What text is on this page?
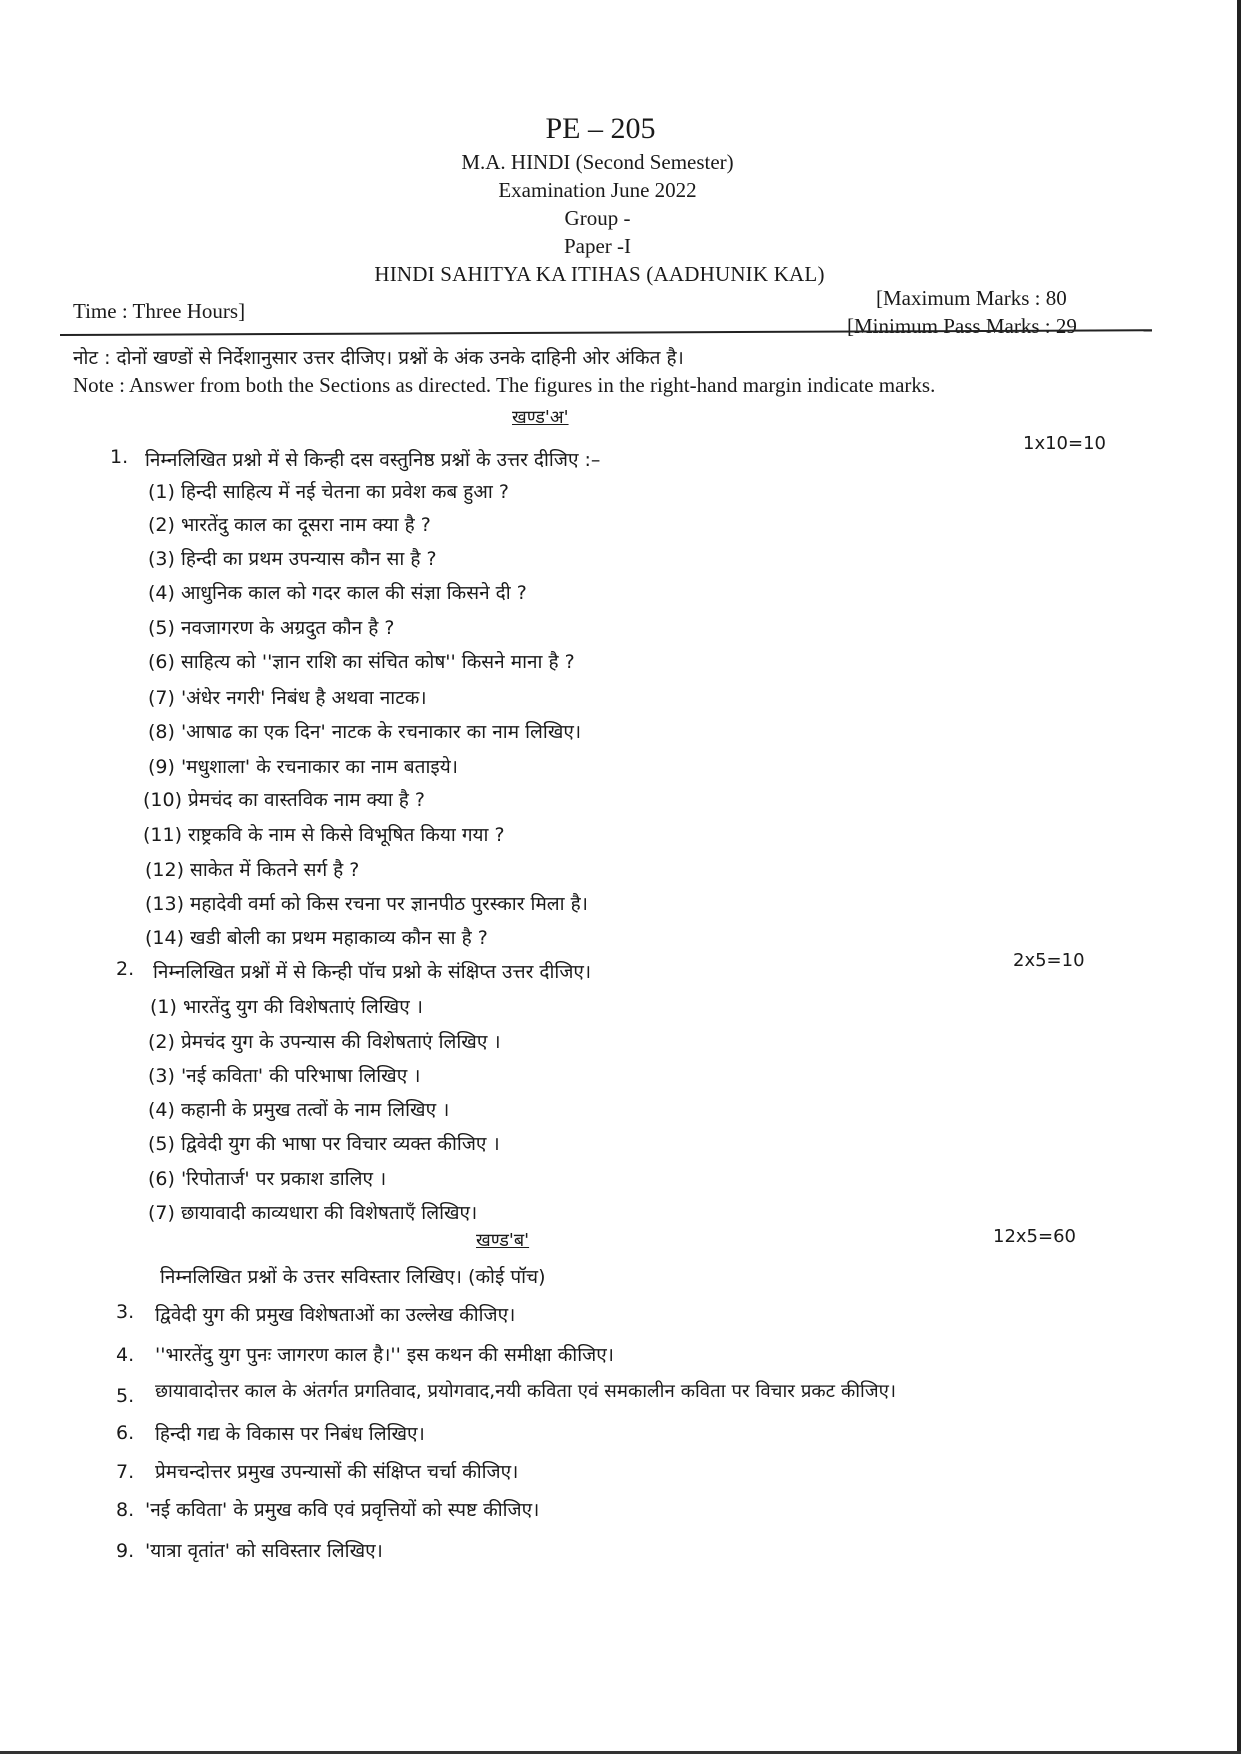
PE – 205
M.A. HINDI (Second Semester)
Examination June 2022
Group -
Paper -I
HINDI SAHITYA KA ITIHAS (AADHUNIK KAL)
Time : Three Hours]
[Maximum Marks : 80
[Minimum Pass Marks : 29
नोट : दोनों खण्डों से निर्देशानुसार उत्तर दीजिए। प्रश्नों के अंक उनके दाहिनी ओर अंकित है।
Note : Answer from both the Sections as directed. The figures in the right-hand margin indicate marks.
खण्ड'अ'
1. निम्नलिखित प्रश्नो में से किन्ही दस वस्तुनिष्ठ प्रश्नों के उत्तर दीजिए :–
1x10=10
(1) हिन्दी साहित्य में नई चेतना का प्रवेश कब हुआ ?
(2) भारतेंदु काल का दूसरा नाम क्या है ?
(3) हिन्दी का प्रथम उपन्यास कौन सा है ?
(4) आधुनिक काल को गदर काल की संज्ञा किसने दी ?
(5) नवजागरण के अग्रदुत कौन है ?
(6) साहित्य को ''ज्ञान राशि का संचित कोष'' किसने माना है ?
(7) 'अंधेर नगरी' निबंध है अथवा नाटक।
(8) 'आषाढ का एक दिन' नाटक के रचनाकार का नाम लिखिए।
(9) 'मधुशाला' के रचनाकार का नाम बताइये।
(10) प्रेमचंद का वास्तविक नाम क्या है ?
(11) राष्ट्रकवि के नाम से किसे विभूषित किया गया ?
(12) साकेत में कितने सर्ग है ?
(13) महादेवी वर्मा को किस रचना पर ज्ञानपीठ पुरस्कार मिला है।
(14) खडी बोली का प्रथम महाकाव्य कौन सा है ?
2. निम्नलिखित प्रश्नों में से किन्ही पॉच प्रश्नो के संक्षिप्त उत्तर दीजिए।
2x5=10
(1) भारतेंदु युग की विशेषताएं लिखिए ।
(2) प्रेमचंद युग के उपन्यास की विशेषताएं लिखिए ।
(3) 'नई कविता' की परिभाषा लिखिए ।
(4) कहानी के प्रमुख तत्वों के नाम लिखिए ।
(5) द्विवेदी युग की भाषा पर विचार व्यक्त कीजिए ।
(6) 'रिपोतार्ज' पर प्रकाश डालिए ।
(7) छायावादी काव्यधारा की विशेषताएँ लिखिए।
खण्ड'ब'	12x5=60
निम्नलिखित प्रश्नों के उत्तर सविस्तार लिखिए। (कोई पॉच)
3. द्विवेदी युग की प्रमुख विशेषताओं का उल्लेख कीजिए।
4. ''भारतेंदु युग पुनः जागरण काल है।'' इस कथन की समीक्षा कीजिए।
5. छायावादोत्तर काल के अंतर्गत प्रगतिवाद, प्रयोगवाद,नयी कविता एवं समकालीन कविता पर विचार प्रकट कीजिए।
6. हिन्दी गद्य के विकास पर निबंध लिखिए।
7. प्रेमचन्दोत्तर प्रमुख उपन्यासों की संक्षिप्त चर्चा कीजिए।
8. 'नई कविता' के प्रमुख कवि एवं प्रवृत्तियों को स्पष्ट कीजिए।
9. 'यात्रा वृतांत' को सविस्तार लिखिए।
